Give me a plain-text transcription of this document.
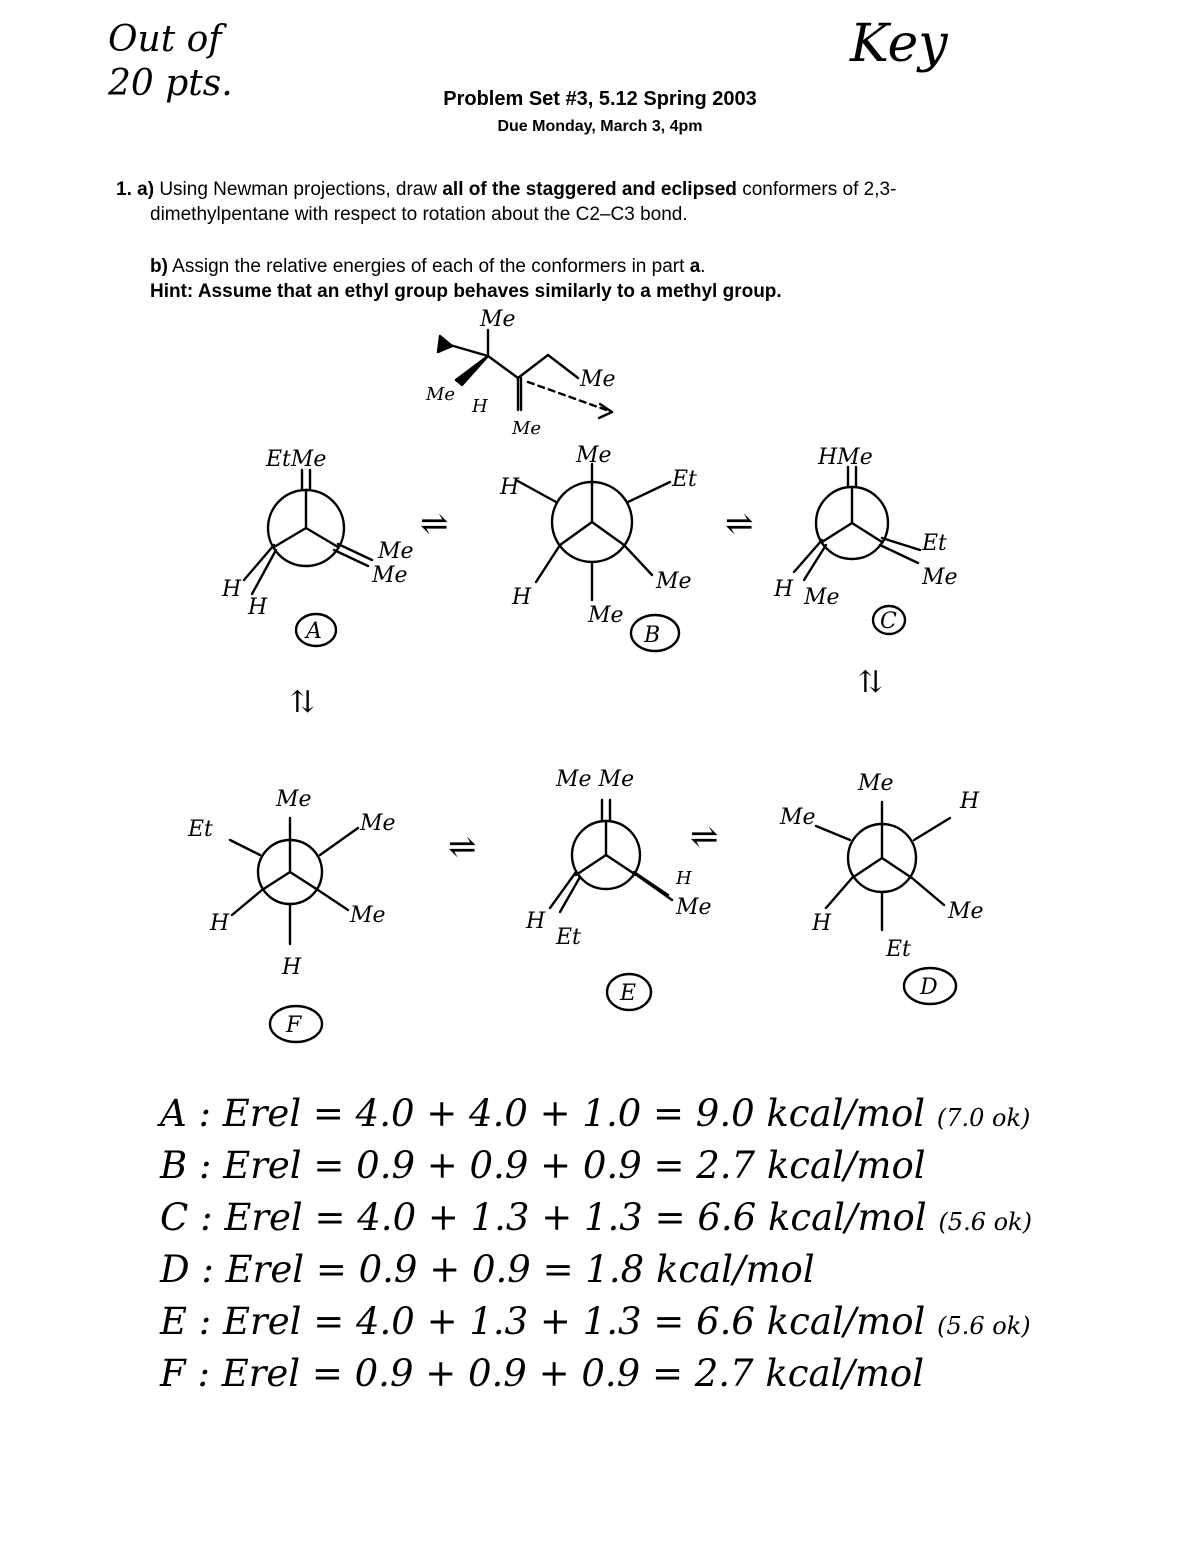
Out of
20 pts.
Key
Problem Set #3, 5.12 Spring 2003
Due Monday, March 3, 4pm
1. a) Using Newman projections, draw all of the staggered and eclipsed conformers of 2,3-
dimethylpentane with respect to rotation about the C2–C3 bond.
b) Assign the relative energies of each of the conformers in part a.
Hint: Assume that an ethyl group behaves similarly to a methyl group.
Me
Me
H
Me
Me
EtMe
Me
Me
H
H
A
Me
Et
H
H
Me
Me
B
HMe
Et
Me
H Me
C
⇌	⇌
⇅
⇅
⇌	⇌
Me
Et	Me
H	Me
H
F
Me Me
H
Me
H
Et
E
Me
Me
H
H	Me
Et
D
A : Erel = 4.0 + 4.0 + 1.0 = 9.0 kcal/mol (7.0 ok)
B : Erel = 0.9 + 0.9 + 0.9 = 2.7 kcal/mol
C : Erel = 4.0 + 1.3 + 1.3 = 6.6 kcal/mol (5.6 ok)
D : Erel = 0.9 + 0.9 = 1.8 kcal/mol
E : Erel = 4.0 + 1.3 + 1.3 = 6.6 kcal/mol (5.6 ok)
F : Erel = 0.9 + 0.9 + 0.9 = 2.7 kcal/mol
